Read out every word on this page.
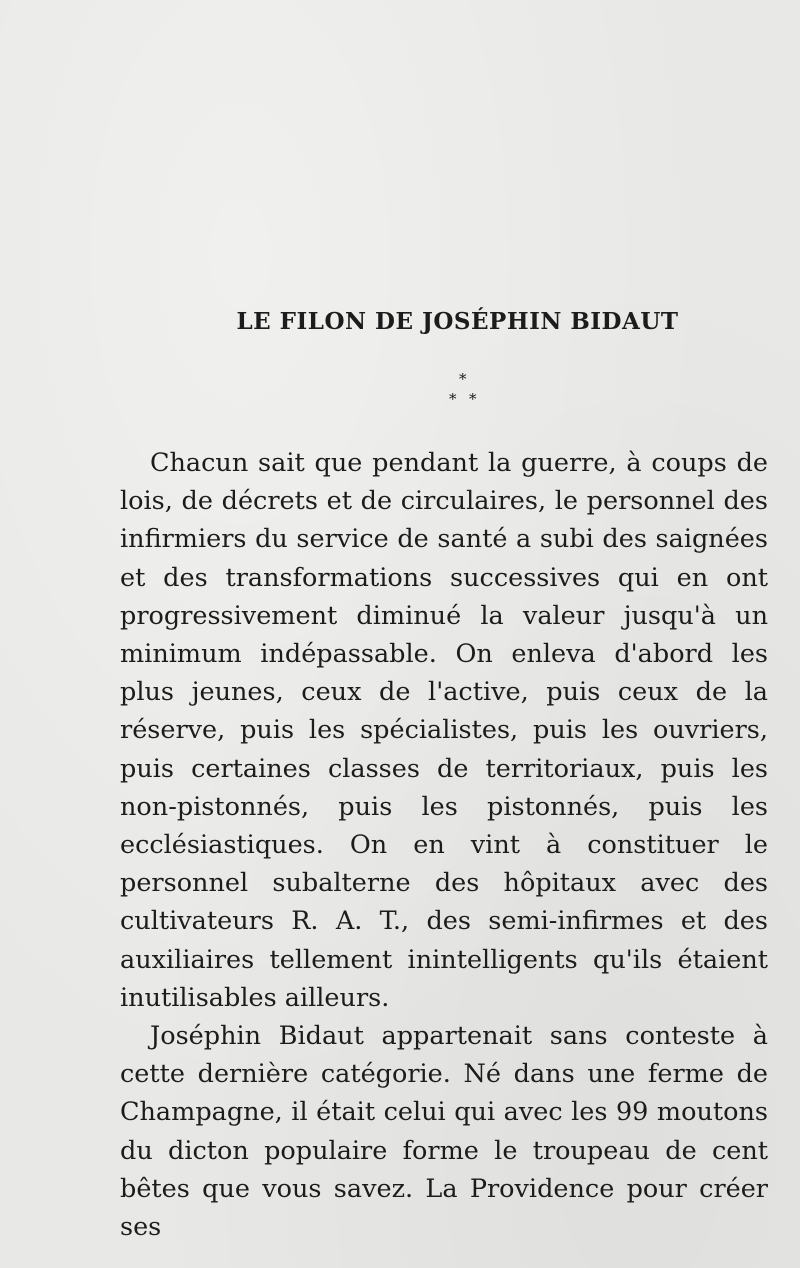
LE FILON DE JOSÉPHIN BIDAUT
*
* *

Chacun sait que pendant la guerre, à coups de lois, de décrets et de circulaires, le personnel des infirmiers du service de santé a subi des saignées et des transformations successives qui en ont progressivement diminué la valeur jusqu'à un minimum indépassable. On enleva d'abord les plus jeunes, ceux de l'active, puis ceux de la réserve, puis les spécialistes, puis les ouvriers, puis certaines classes de territoriaux, puis les non-pistonnés, puis les pistonnés, puis les ecclésiastiques. On en vint à constituer le personnel subalterne des hôpitaux avec des cultivateurs R. A. T., des semi-infirmes et des auxiliaires tellement inintelligents qu'ils étaient inutilisables ailleurs.

Joséphin Bidaut appartenait sans conteste à cette dernière catégorie. Né dans une ferme de Champagne, il était celui qui avec les 99 moutons du dicton populaire forme le troupeau de cent bêtes que vous savez. La Providence pour créer ses
